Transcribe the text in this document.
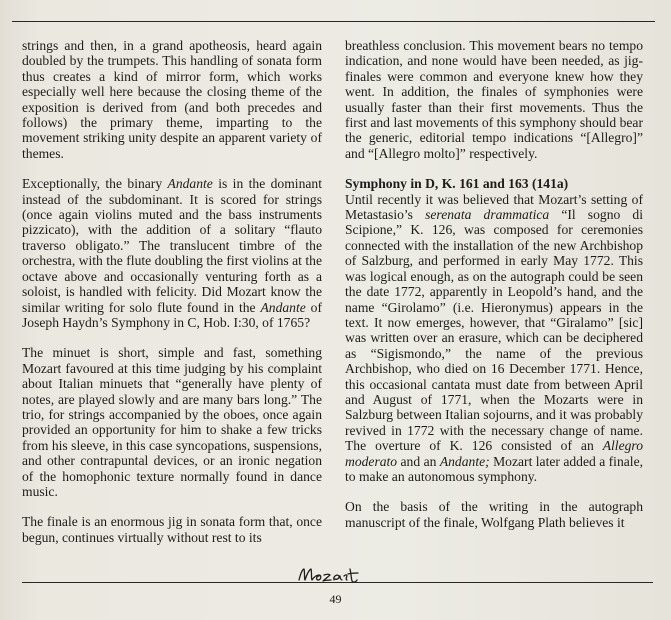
strings and then, in a grand apotheosis, heard again doubled by the trumpets. This handling of sonata form thus creates a kind of mirror form, which works especially well here because the closing theme of the exposition is derived from (and both precedes and follows) the primary theme, imparting to the movement striking unity despite an apparent variety of themes.

Exceptionally, the binary Andante is in the dominant instead of the subdominant. It is scored for strings (once again violins muted and the bass instruments pizzicato), with the addition of a solitary “flauto traverso obligato.” The translucent timbre of the orchestra, with the flute doubling the first violins at the octave above and occasionally venturing forth as a soloist, is handled with felicity. Did Mozart know the similar writing for solo flute found in the Andante of Joseph Haydn’s Symphony in C, Hob. I:30, of 1765?

The minuet is short, simple and fast, something Mozart favoured at this time judging by his complaint about Italian minuets that “generally have plenty of notes, are played slowly and are many bars long.” The trio, for strings accompanied by the oboes, once again provided an opportunity for him to shake a few tricks from his sleeve, in this case syncopations, suspensions, and other contrapuntal devices, or an ironic negation of the homophonic texture normally found in dance music.

The finale is an enormous jig in sonata form that, once begun, continues virtually without rest to its

breathless conclusion. This movement bears no tempo indication, and none would have been needed, as jig-finales were common and everyone knew how they went. In addition, the finales of symphonies were usually faster than their first movements. Thus the first and last movements of this symphony should bear the generic, editorial tempo indications “[Allegro]” and “[Allegro molto]” respectively.

Symphony in D, K. 161 and 163 (141a)

Until recently it was believed that Mozart’s setting of Metastasio’s serenata drammatica “Il sogno di Scipione,” K. 126, was composed for ceremonies connected with the installation of the new Archbishop of Salzburg, and performed in early May 1772. This was logical enough, as on the autograph could be seen the date 1772, apparently in Leopold’s hand, and the name “Girolamo” (i.e. Hieronymus) appears in the text. It now emerges, however, that “Giralamo” [sic] was written over an erasure, which can be deciphered as “Sigismondo,” the name of the previous Archbishop, who died on 16 December 1771. Hence, this occasional cantata must date from between April and August of 1771, when the Mozarts were in Salzburg between Italian sojourns, and it was probably revived in 1772 with the necessary change of name. The overture of K. 126 consisted of an Allegro moderato and an Andante; Mozart later added a finale, to make an autonomous symphony.

On the basis of the writing in the autograph manuscript of the finale, Wolfgang Plath believes it

49
